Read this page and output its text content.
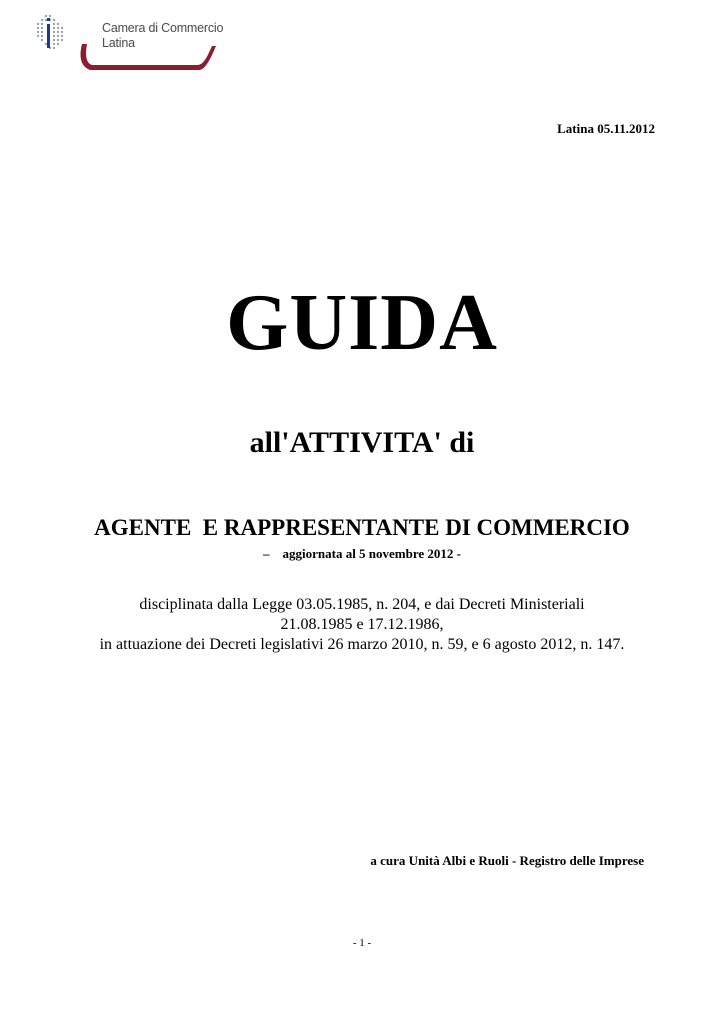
Camera di Commercio
Latina
Latina 05.11.2012
GUIDA
all'ATTIVITA' di
AGENTE  E RAPPRESENTANTE DI COMMERCIO
–    aggiornata al 5 novembre 2012 -
disciplinata dalla Legge 03.05.1985, n. 204, e dai Decreti Ministeriali
21.08.1985 e 17.12.1986,
in attuazione dei Decreti legislativi 26 marzo 2010, n. 59, e 6 agosto 2012, n. 147.
a cura Unità Albi e Ruoli - Registro delle Imprese
- 1 -
